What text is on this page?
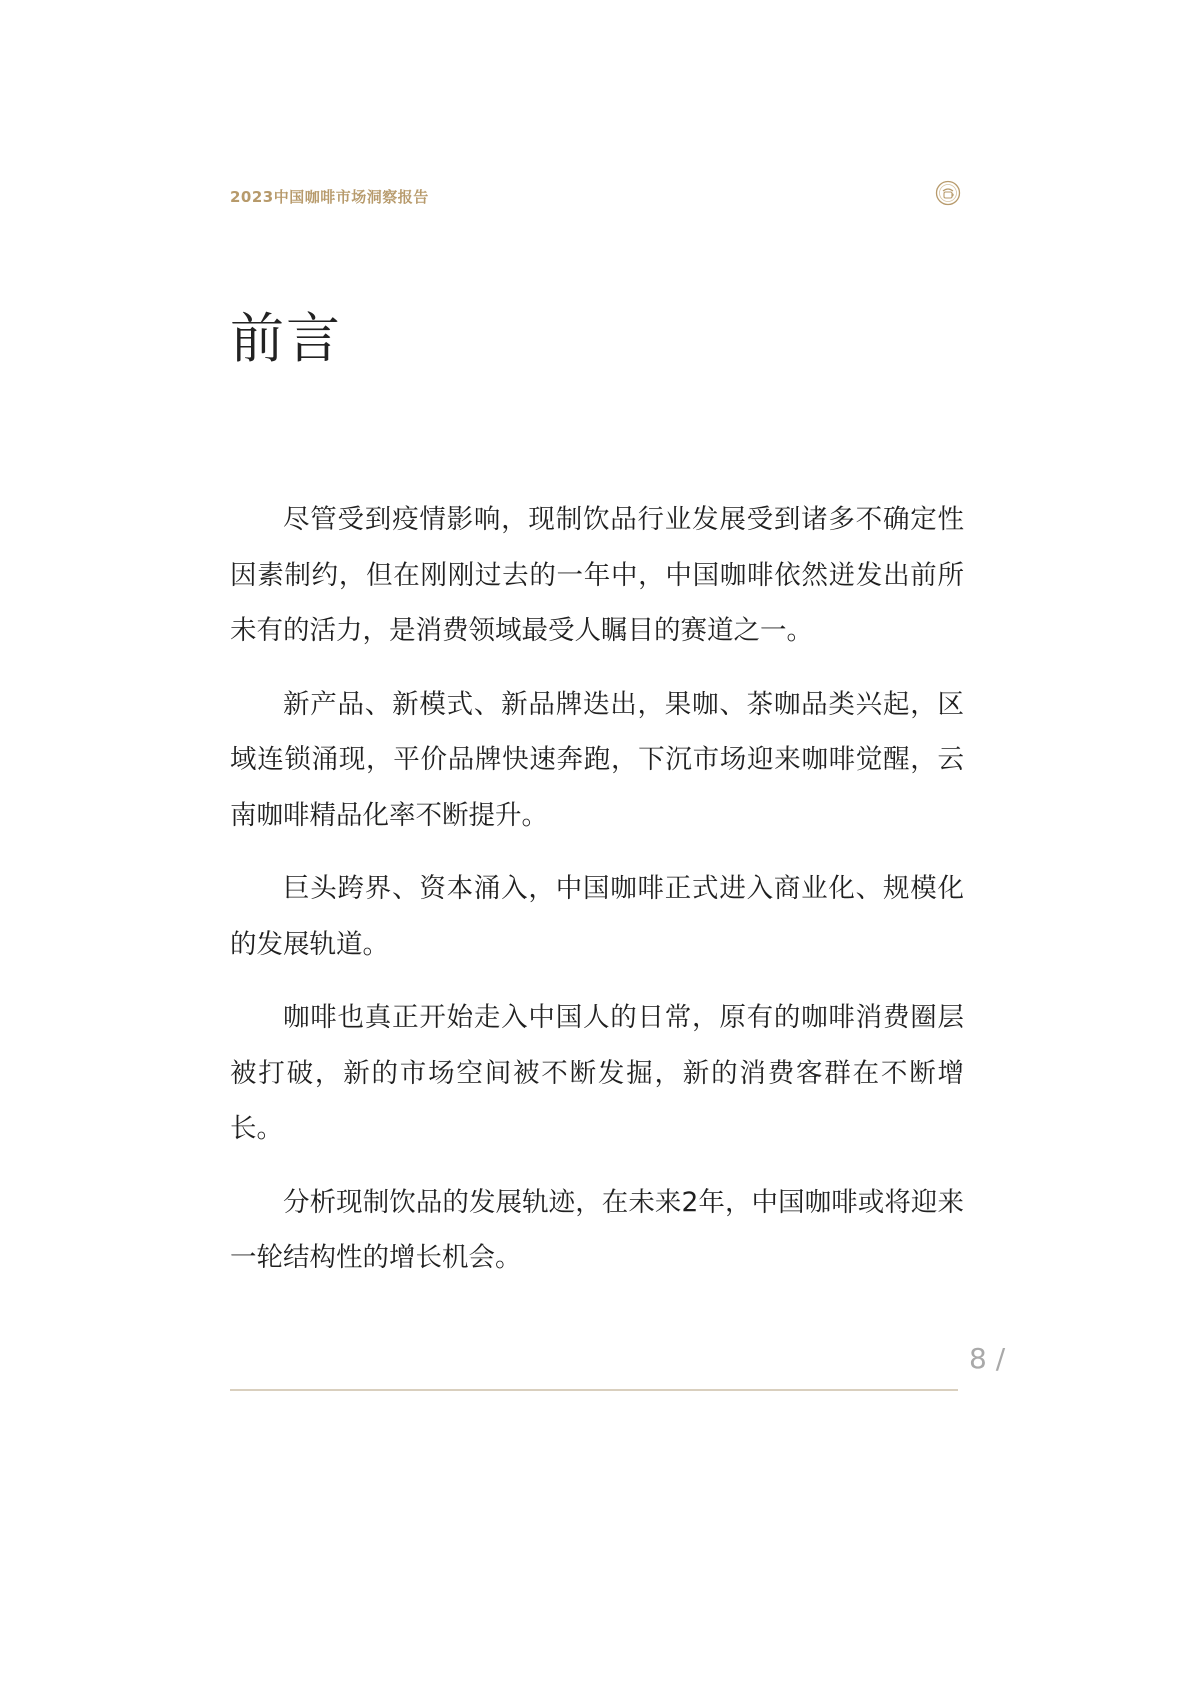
2023中国咖啡市场洞察报告
前言

尽管受到疫情影响，现制饮品行业发展受到诸多不确定性因素制约，但在刚刚过去的一年中，中国咖啡依然迸发出前所未有的活力，是消费领域最受人瞩目的赛道之一。

新产品、新模式、新品牌迭出，果咖、茶咖品类兴起，区域连锁涌现，平价品牌快速奔跑，下沉市场迎来咖啡觉醒，云南咖啡精品化率不断提升。

巨头跨界、资本涌入，中国咖啡正式进入商业化、规模化的发展轨道。

咖啡也真正开始走入中国人的日常，原有的咖啡消费圈层被打破，新的市场空间被不断发掘，新的消费客群在不断增长。

分析现制饮品的发展轨迹，在未来2年，中国咖啡或将迎来一轮结构性的增长机会。

8 /
